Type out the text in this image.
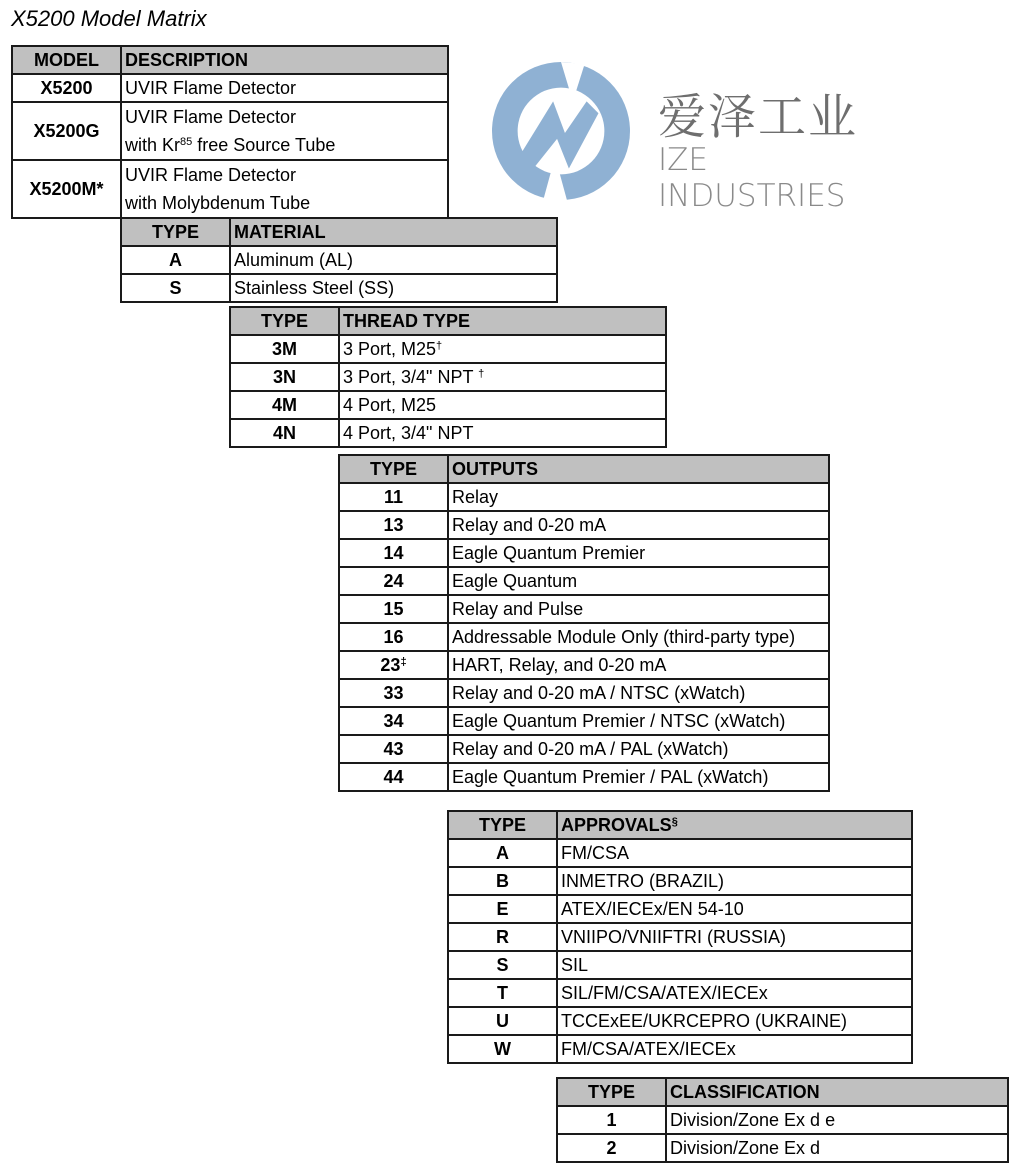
X5200 Model Matrix
爱泽工业
IZE INDUSTRIES
MODEL	DESCRIPTION
X5200	UVIR Flame Detector
X5200G	UVIR Flame Detector
with Kr$^{85}$ free Source Tube
X5200M*	UVIR Flame Detector
with Molybdenum Tube
TYPE	MATERIAL
A	Aluminum (AL)
S	Stainless Steel (SS)
TYPE	THREAD TYPE
3M	3 Port, M25†
3N	3 Port, 3/4" NPT †
4M	4 Port, M25
4N	4 Port, 3/4" NPT
TYPE	OUTPUTS
11	Relay
13	Relay and 0-20 mA
14	Eagle Quantum Premier
24	Eagle Quantum
15	Relay and Pulse
16	Addressable Module Only (third-party type)
23‡	HART, Relay, and 0-20 mA
33	Relay and 0-20 mA / NTSC (xWatch)
34	Eagle Quantum Premier / NTSC (xWatch)
43	Relay and 0-20 mA / PAL (xWatch)
44	Eagle Quantum Premier / PAL (xWatch)
TYPE	APPROVALS§
A	FM/CSA
B	INMETRO (BRAZIL)
E	ATEX/IECEx/EN 54-10
R	VNIIPO/VNIIFTRI (RUSSIA)
S	SIL
T	SIL/FM/CSA/ATEX/IECEx
U	TCCExEE/UKRCEPRO (UKRAINE)
W	FM/CSA/ATEX/IECEx
TYPE	CLASSIFICATION
1	Division/Zone Ex d e
2	Division/Zone Ex d
